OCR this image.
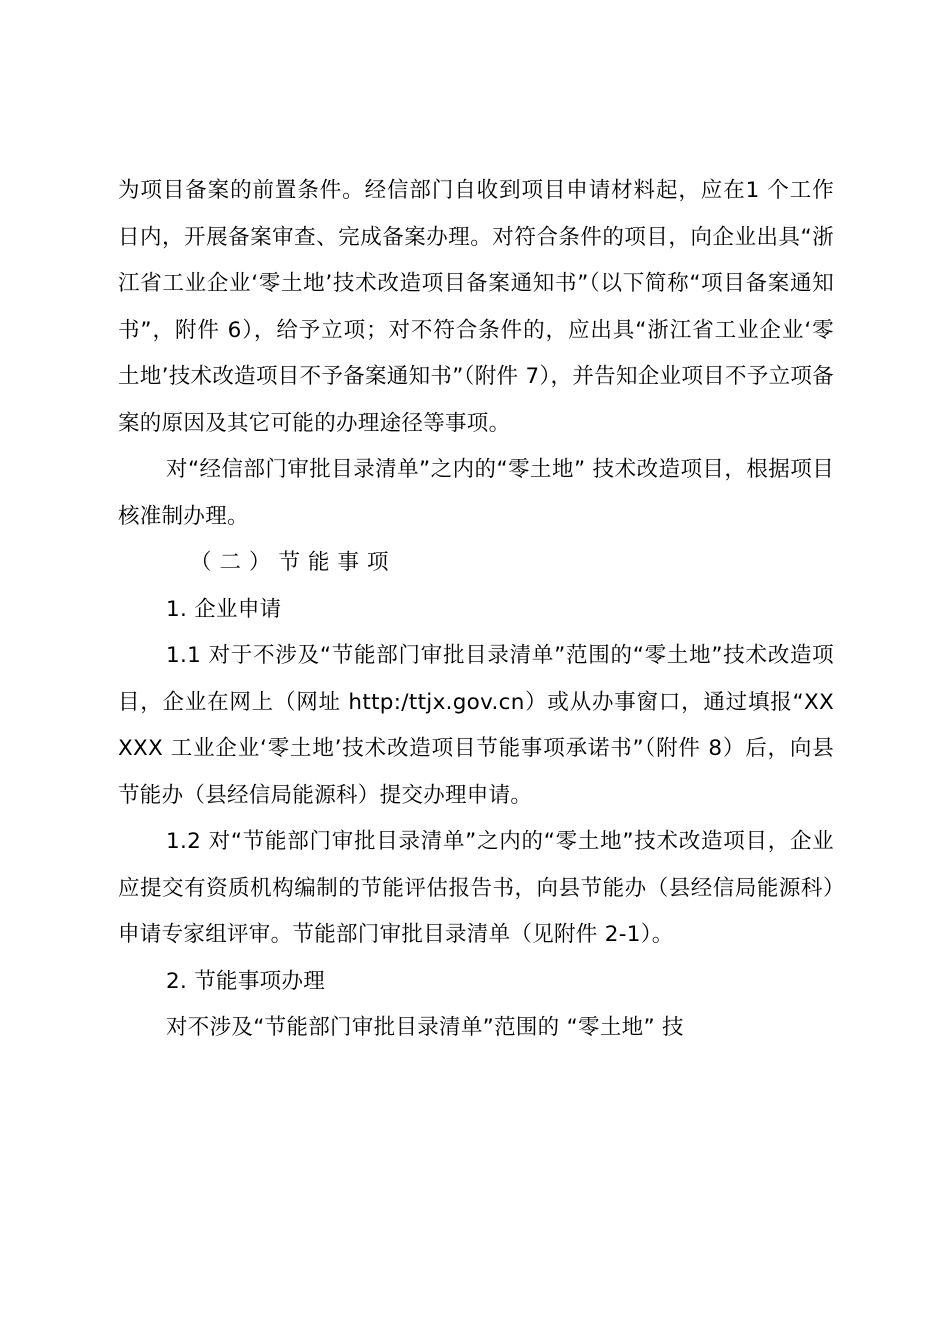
为项目备案的前置条件。经信部门自收到项目申请材料起，应在1 个工作日内，开展备案审查、完成备案办理。对符合条件的项目，向企业出具“浙江省工业企业‘零土地’技术改造项目备案通知书”（以下简称“项目备案通知书”，附件 6），给予立项；对不符合条件的，应出具“浙江省工业企业‘零土地’技术改造项目不予备案通知书”（附件 7），并告知企业项目不予立项备案的原因及其它可能的办理途径等事项。

对“经信部门审批目录清单”之内的“零土地” 技术改造项目，根据项目核准制办理。

（二）节能事项

1. 企业申请

1.1 对于不涉及“节能部门审批目录清单”范围的“零土地”技术改造项目，企业在网上（网址 http:/ttjx.gov.cn）或从办事窗口，通过填报“XXXXX 工业企业‘零土地’技术改造项目节能事项承诺书”（附件 8）后，向县节能办（县经信局能源科）提交办理申请。

1.2 对“节能部门审批目录清单”之内的“零土地”技术改造项目，企业应提交有资质机构编制的节能评估报告书，向县节能办（县经信局能源科）申请专家组评审。节能部门审批目录清单（见附件 2-1）。

2. 节能事项办理

对不涉及“节能部门审批目录清单”范围的 “零土地” 技
